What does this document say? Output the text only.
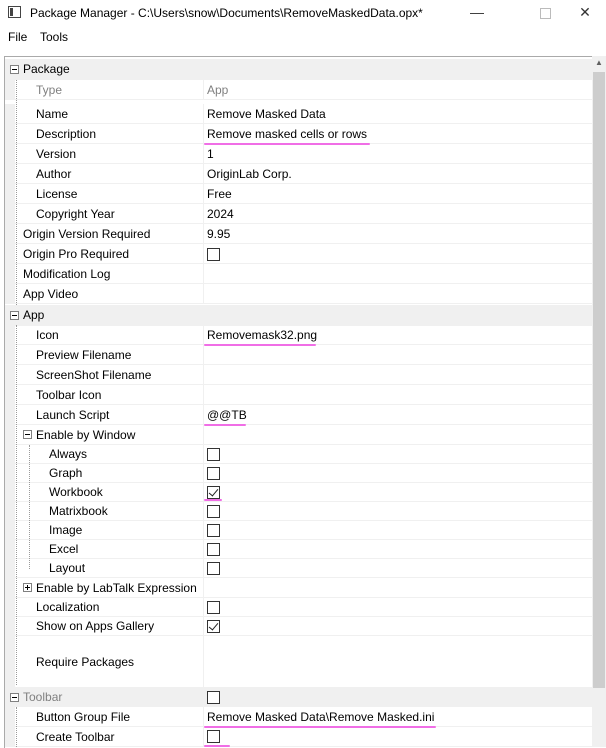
Package Manager - C:\Users\snow\Documents\RemoveMaskedData.opx*	—	✕
File Tools
Package
Type	App
Name	Remove Masked Data
Description	Remove masked cells or rows
Version	1
Author	OriginLab Corp.
License	Free
Copyright Year	2024
Origin Version Required	9.95
Origin Pro Required
Modification Log
App Video
App
Icon	Removemask32.png
Preview Filename
ScreenShot Filename
Toolbar Icon
Launch Script	@@TB
Enable by Window
Always
Graph
Workbook
Matrixbook
Image
Excel
Layout
Enable by LabTalk Expression
Localization
Show on Apps Gallery
Require Packages
Toolbar
Button Group File	Remove Masked Data\Remove Masked.ini
Create Toolbar
▲
